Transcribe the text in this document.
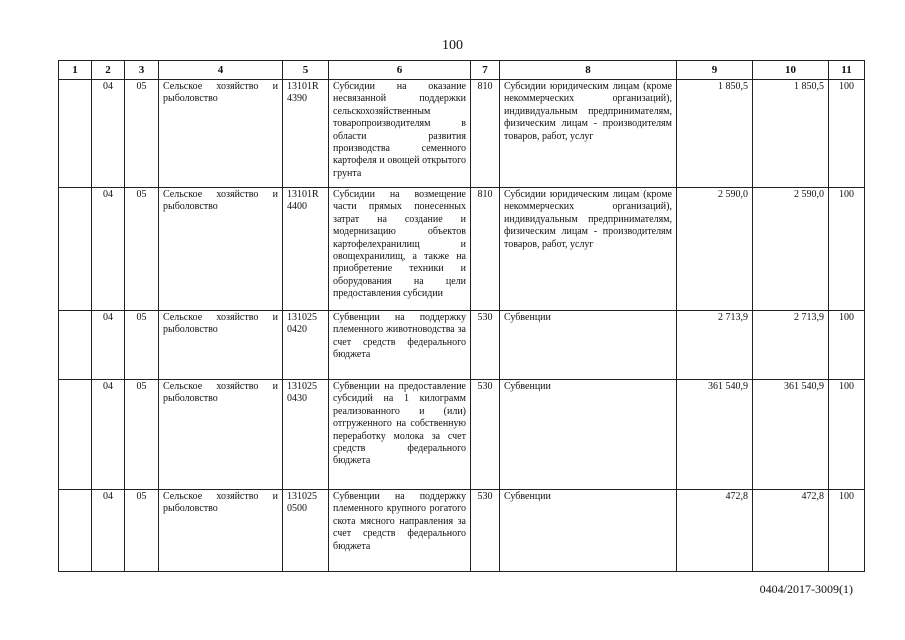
100
1	2	3	4	5	6	7	8	9	10	11
	04	05	Сельское хозяйство и рыболовство	13101R 4390	Субсидии на оказание несвязанной поддержки сельскохозяйственным товаропроизводителям в области развития производства семенного картофеля и овощей открытого грунта	810	Субсидии юридическим лицам (кроме некоммерческих организаций), индивидуальным предпринимателям, физическим лицам - производителям товаров, работ, услуг	1 850,5	1 850,5	100
	04	05	Сельское хозяйство и рыболовство	13101R 4400	Субсидии на возмещение части прямых понесенных затрат на создание и модернизацию объектов картофелехранилищ и овощехранилищ, а также на приобретение техники и оборудования на цели предоставления субсидии	810	Субсидии юридическим лицам (кроме некоммерческих организаций), индивидуальным предпринимателям, физическим лицам - производителям товаров, работ, услуг	2 590,0	2 590,0	100
	04	05	Сельское хозяйство и рыболовство	131025 0420	Субвенции на поддержку племенного животноводства за счет средств федерального бюджета	530	Субвенции	2 713,9	2 713,9	100
	04	05	Сельское хозяйство и рыболовство	131025 0430	Субвенции на предоставление субсидий на 1 килограмм реализованного и (или) отгруженного на собственную переработку молока за счет средств федерального бюджета	530	Субвенции	361 540,9	361 540,9	100
	04	05	Сельское хозяйство и рыболовство	131025 0500	Субвенции на поддержку племенного крупного рогатого скота мясного направления за счет средств федерального бюджета	530	Субвенции	472,8	472,8	100
0404/2017-3009(1)
